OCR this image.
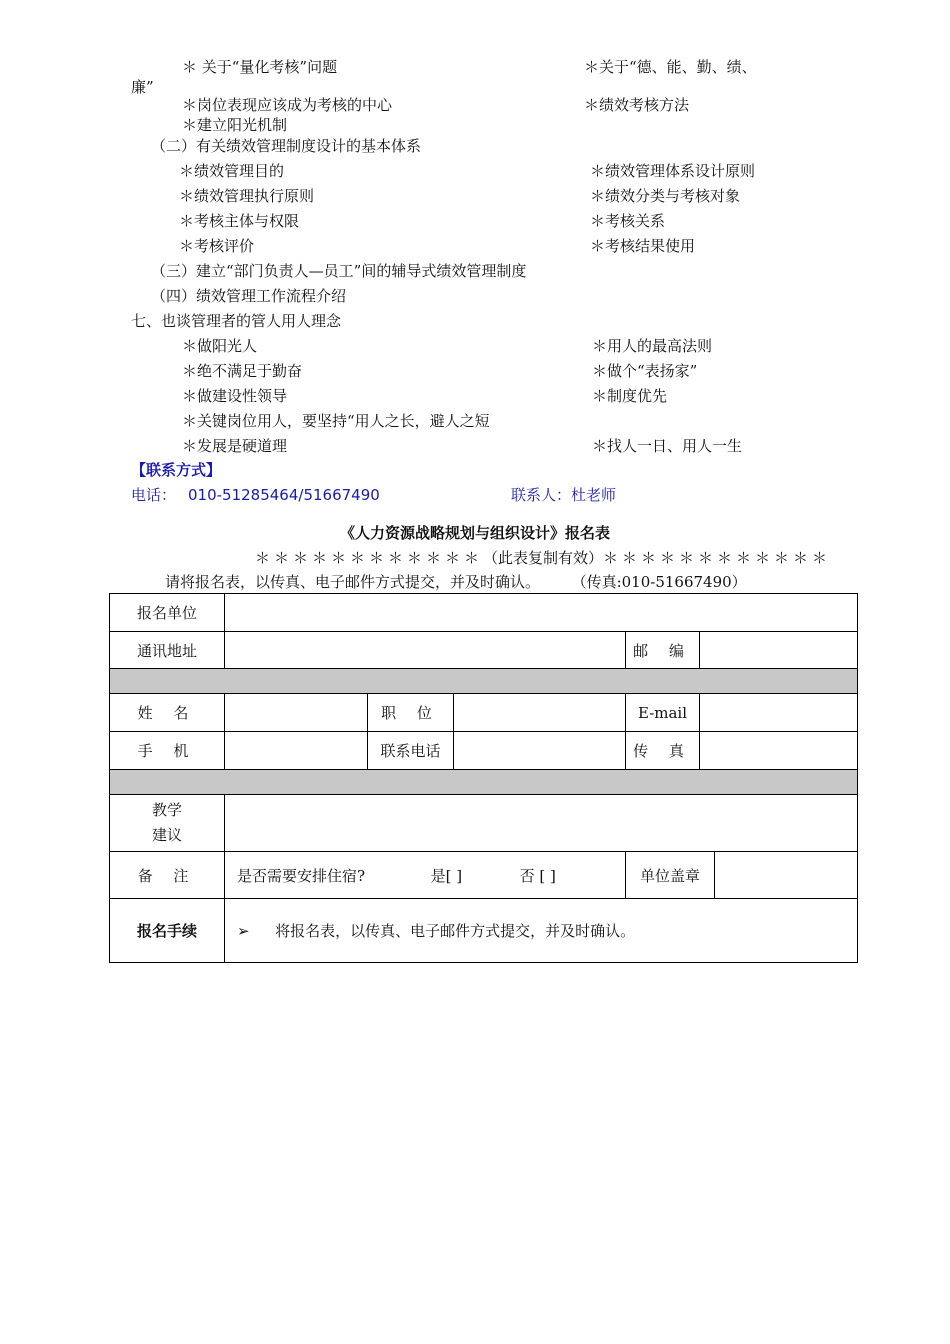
＊ 关于“量化考核”问题	＊关于“德、能、勤、绩、
廉”
＊岗位表现应该成为考核的中心	＊绩效考核方法
＊建立阳光机制
（二）有关绩效管理制度设计的基本体系
＊绩效管理目的	＊绩效管理体系设计原则
＊绩效管理执行原则	＊绩效分类与考核对象
＊考核主体与权限	＊考核关系
＊考核评价	＊考核结果使用
（三）建立“部门负责人—员工”间的辅导式绩效管理制度
（四）绩效管理工作流程介绍
七、也谈管理者的管人用人理念
＊做阳光人	＊用人的最高法则
＊绝不满足于勤奋	＊做个“表扬家”
＊做建设性领导	＊制度优先
＊关键岗位用人，要坚持“用人之长，避人之短
＊发展是硬道理	＊找人一日、用人一生
【联系方式】
电话： 010-51285464/51667490	联系人：杜老师
《人力资源战略规划与组织设计》报名表
＊＊＊＊＊＊＊＊＊＊＊＊（此表复制有效）＊＊＊＊＊＊＊＊＊＊＊＊
请将报名表，以传真、电子邮件方式提交，并及时确认。 （传真:010-51667490）
报名单位						
通讯地址				邮 编		

姓 名		职 位		E-mail		
手 机		联系电话		传 真		

教学
建议						
备 注	是否需要安排住宿? 是[ ] 否 [ ]			单位盖章		
报名手续	➢ 将报名表，以传真、电子邮件方式提交，并及时确认。					
